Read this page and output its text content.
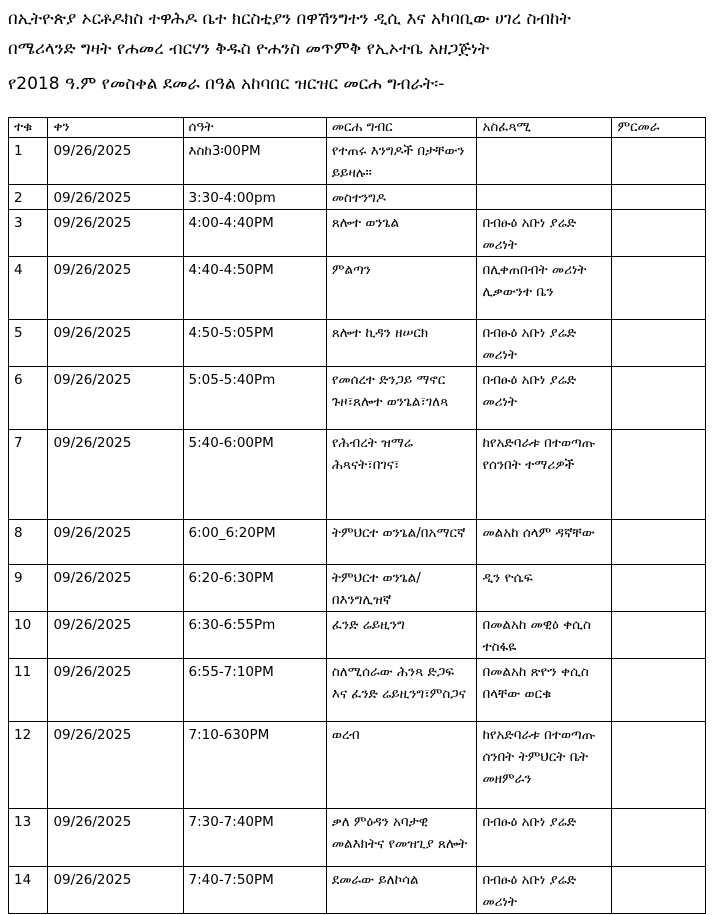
በኢትዮጵያ ኦርቶዶክስ ተዋሕዶ ቤተ ክርስቲያን በዋሽንግተን ዲሲ እና አካባቢው ሀገረ ስብከት
በሜሪላንድ ግዛት የሐመረ ብርሃን ቅዱስ ዮሐንስ መጥምቅ የኢኦተቤ አዘጋጅነት
የ2018 ዓ.ም የመስቀል ደመራ በዓል አከባበር ዝርዝር መርሐ ግብራት፡-
ተቁ	ቀን	ሰዓት	መርሐ ግብር	አስፈጻሚ	ምርመራ
1	09/26/2025	እስከ3፡00PM	የተጠሩ እንግዶች በታቸውን ይይዛሉ።		
2	09/26/2025	3:30-4:00pm	መስተንግዶ		
3	09/26/2025	4:00-4:40PM	ጸሎተ ወንጌል	በብፁዕ አቡነ ያሬድ መሪነት	
4	09/26/2025	4:40-4:50PM	ምልጣን	በሊቀጠበብት መሪነት ሊቃውንተ ቤን	
5	09/26/2025	4:50-5:05PM	ጸሎተ ኪዳን ዘሠርክ	በብፁዕ አቡነ ያሬድ መሪነት	
6	09/26/2025	5:05-5:40Pm	የመሰረተ ድንጋይ ማኖር ጉዞ፣ጸሎተ ወንጌል፣ገለጻ	በብፁዕ አቡነ ያሬድ መሪነት	
7	09/26/2025	5:40-6:00PM	የሕብረት ዝማሬ ሕጻናት፣በገና፣	ከየአድባራቱ በተወጣጡ የሰንበት ተማሪዎች	
8	09/26/2025	6:00_6:20PM	ትምህርተ ወንጌል/በአማርኛ	መልአከ ሰላም ዳኛቸው	
9	09/26/2025	6:20-6:30PM	ትምህርተ ወንጌል/በእንግሊዝኛ	ዲን ዮሴፍ	
10	09/26/2025	6:30-6:55Pm	ፈንድ ሬይዚንግ	በመልአከ መዊዕ ቀሲስ ተስፋዬ	
11	09/26/2025	6:55-7:10PM	ስለሚሰራው ሕንጻ ድጋፍ እና ፈንድ ሬይዚንግ፣ምስጋና	በመልአከ ጽዮን ቀሲስ በላቸው ወርቁ	
12	09/26/2025	7:10-630PM	ወረብ	ከየአድባራቱ በተወጣጡ ሰንበት ትምህርት ቤት መዘምራን	
13	09/26/2025	7:30-7:40PM	ቃለ ምዕዳን አባታዊ መልእክትና የመዝጊያ ጸሎት	በብፁዕ አቡነ ያሬድ	
14	09/26/2025	7:40-7:50PM	ደመራው ይለኮሳል	በብፁዕ አቡነ ያሬድ መሪነት	
